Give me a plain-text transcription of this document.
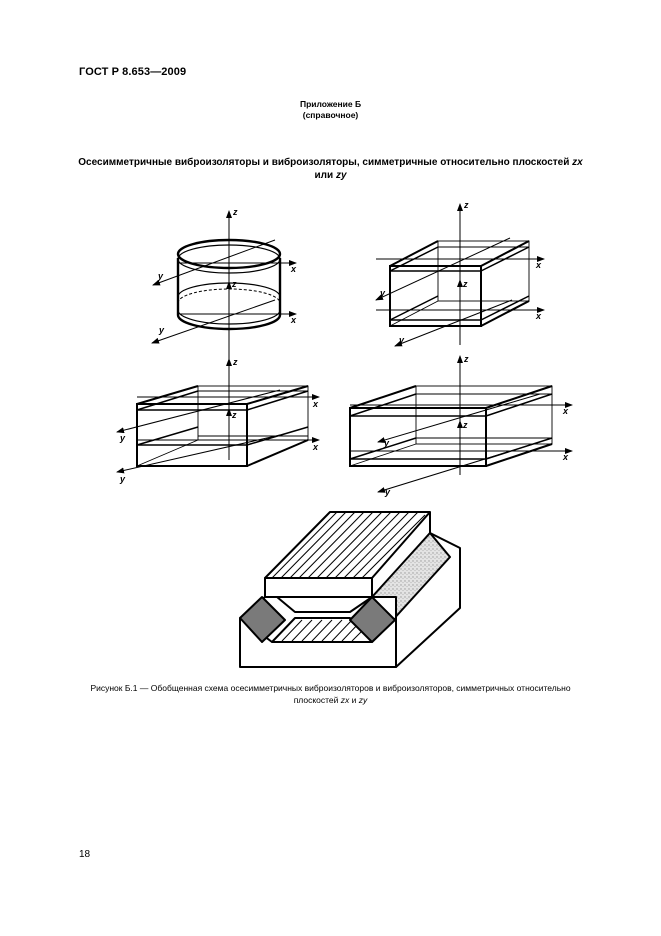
ГОСТ Р 8.653—2009
Приложение Б
(справочное)
Осесимметричные виброизоляторы и виброизоляторы, симметричные относительно плоскостей zx или zy
z
z
x
x
y
y
z
z
x
x
y
y
z
z
x
x
y
y
z
z
x
x
y
y
Рисунок Б.1 — Обобщенная схема осесимметричных виброизоляторов и виброизоляторов, симметричных относительно плоскостей zx и zy
18
